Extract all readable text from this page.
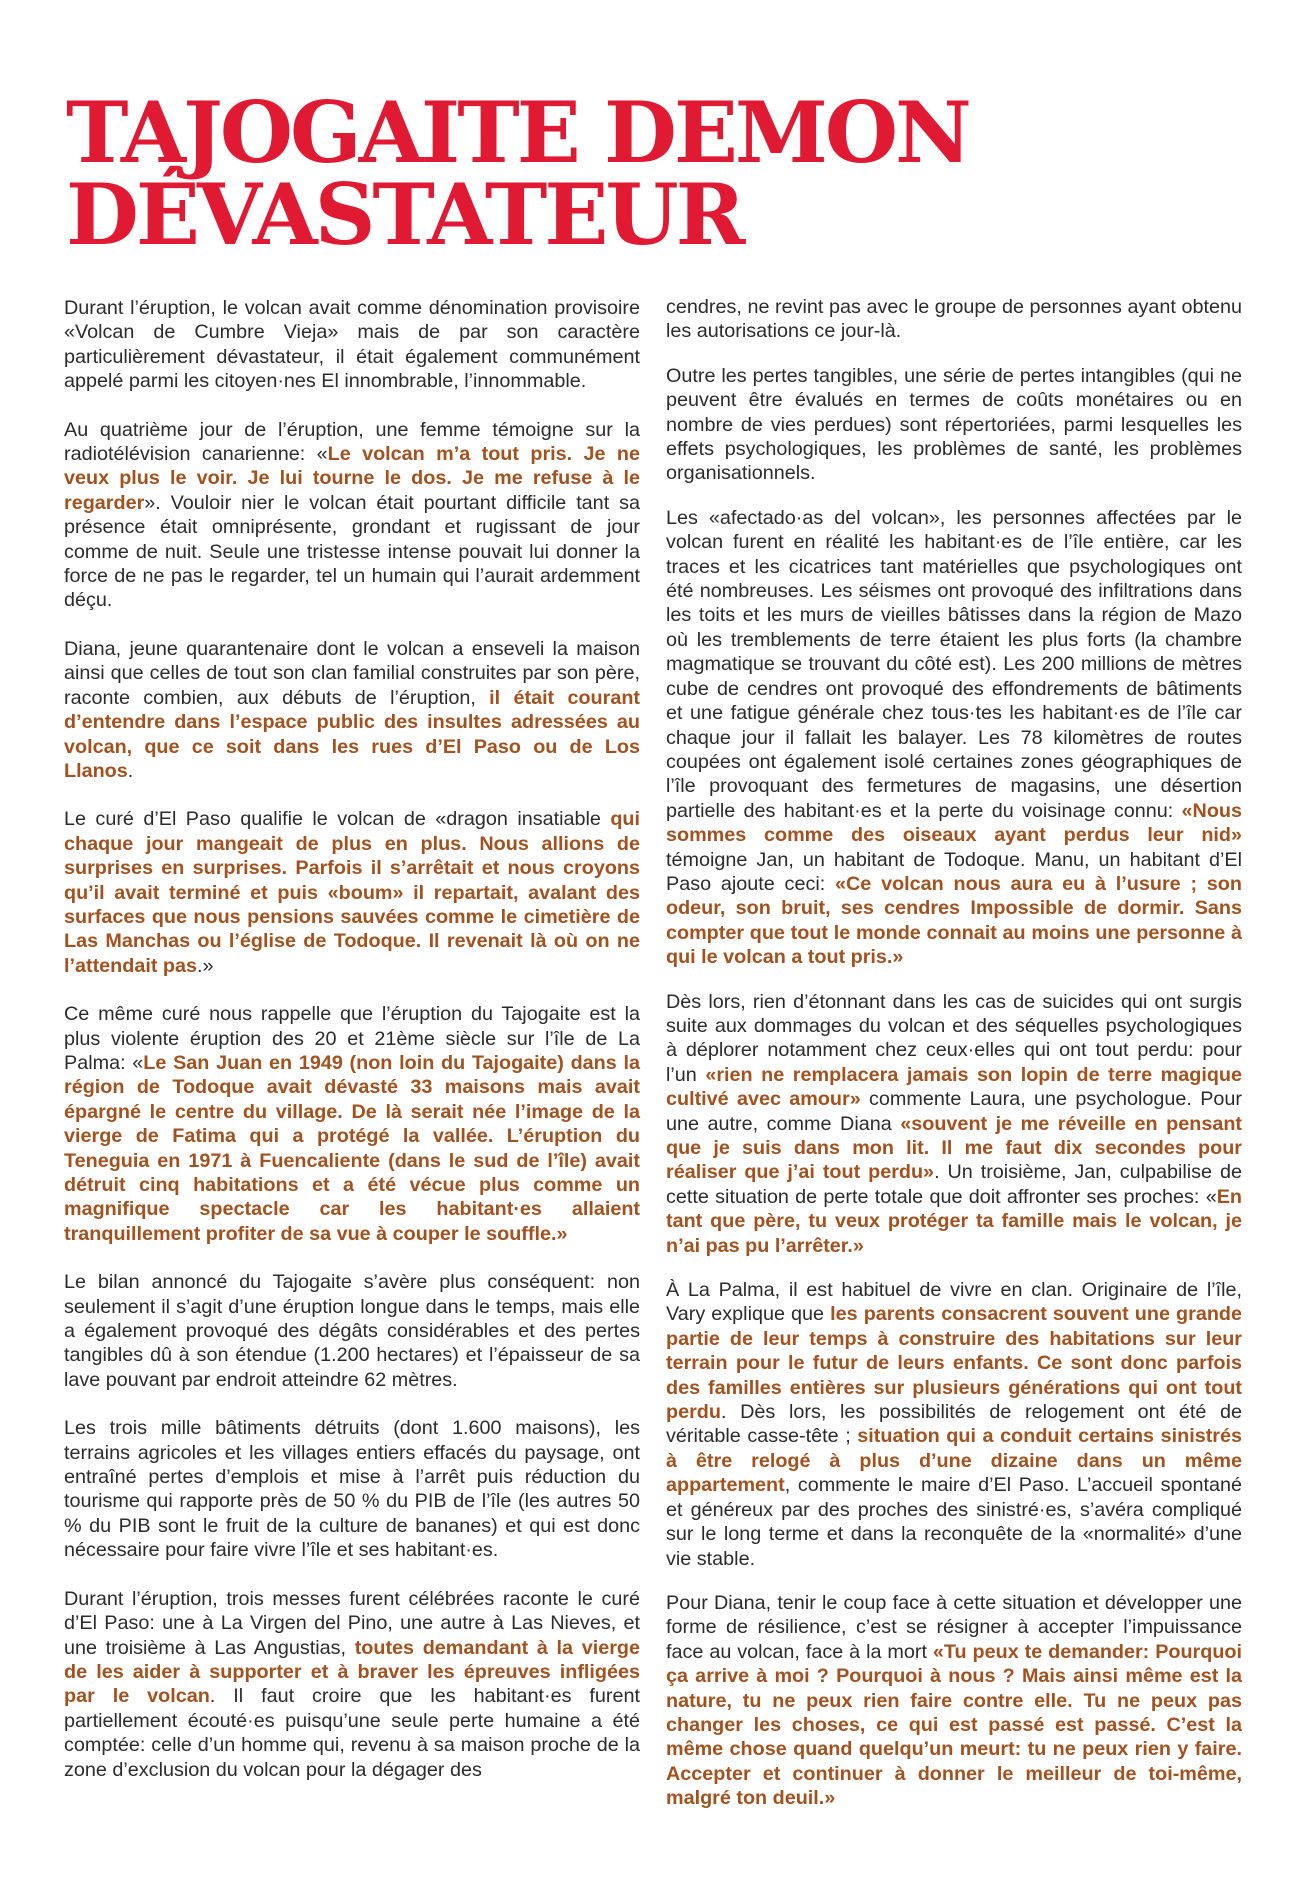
TAJOGAITE DEMON
DÉVASTATEUR

Durant l’éruption, le volcan avait comme dénomination provisoire «Volcan de Cumbre Vieja» mais de par son caractère particulièrement dévastateur, il était également communément appelé parmi les citoyen·nes El innombrable, l’innommable.

Au quatrième jour de l’éruption, une femme témoigne sur la radiotélévision canarienne: «Le volcan m’a tout pris. Je ne veux plus le voir. Je lui tourne le dos. Je me refuse à le regarder». Vouloir nier le volcan était pourtant difficile tant sa présence était omniprésente, grondant et rugissant de jour comme de nuit. Seule une tristesse intense pouvait lui donner la force de ne pas le regarder, tel un humain qui l’aurait ardemment déçu.

Diana, jeune quarantenaire dont le volcan a enseveli la maison ainsi que celles de tout son clan familial construites par son père, raconte combien, aux débuts de l’éruption, il était courant d’entendre dans l’espace public des insultes adressées au volcan, que ce soit dans les rues d’El Paso ou de Los Llanos.

Le curé d’El Paso qualifie le volcan de «dragon insatiable qui chaque jour mangeait de plus en plus. Nous allions de surprises en surprises. Parfois il s’arrêtait et nous croyons qu’il avait terminé et puis «boum» il repartait, avalant des surfaces que nous pensions sauvées comme le cimetière de Las Manchas ou l’église de Todoque. Il revenait là où on ne l’attendait pas.»

Ce même curé nous rappelle que l’éruption du Tajogaite est la plus violente éruption des 20 et 21ème siècle sur l’île de La Palma: «Le San Juan en 1949 (non loin du Tajogaite) dans la région de Todoque avait dévasté 33 maisons mais avait épargné le centre du village. De là serait née l’image de la vierge de Fatima qui a protégé la vallée. L’éruption du Teneguia en 1971 à Fuencaliente (dans le sud de l’île) avait détruit cinq habitations et a été vécue plus comme un magnifique spectacle car les habitant·es allaient tranquillement profiter de sa vue à couper le souffle.»

Le bilan annoncé du Tajogaite s’avère plus conséquent: non seulement il s’agit d’une éruption longue dans le temps, mais elle a également provoqué des dégâts considérables et des pertes tangibles dû à son étendue (1.200 hectares) et l’épaisseur de sa lave pouvant par endroit atteindre 62 mètres.

Les trois mille bâtiments détruits (dont 1.600 maisons), les terrains agricoles et les villages entiers effacés du paysage, ont entraîné pertes d’emplois et mise à l’arrêt puis réduction du tourisme qui rapporte près de 50 % du PIB de l’île (les autres 50 % du PIB sont le fruit de la culture de bananes) et qui est donc nécessaire pour faire vivre l’île et ses habitant·es.

Durant l’éruption, trois messes furent célébrées raconte le curé d’El Paso: une à La Virgen del Pino, une autre à Las Nieves, et une troisième à Las Angustias, toutes demandant à la vierge de les aider à supporter et à braver les épreuves infligées par le volcan. Il faut croire que les habitant·es furent partiellement écouté·es puisqu’une seule perte humaine a été comptée: celle d’un homme qui, revenu à sa maison proche de la zone d’exclusion du volcan pour la dégager des

cendres, ne revint pas avec le groupe de personnes ayant obtenu les autorisations ce jour-là.

Outre les pertes tangibles, une série de pertes intangibles (qui ne peuvent être évalués en termes de coûts monétaires ou en nombre de vies perdues) sont répertoriées, parmi lesquelles les effets psychologiques, les problèmes de santé, les problèmes organisationnels.

Les «afectado·as del volcan», les personnes affectées par le volcan furent en réalité les habitant·es de l’île entière, car les traces et les cicatrices tant matérielles que psychologiques ont été nombreuses. Les séismes ont provoqué des infiltrations dans les toits et les murs de vieilles bâtisses dans la région de Mazo où les tremblements de terre étaient les plus forts (la chambre magmatique se trouvant du côté est). Les 200 millions de mètres cube de cendres ont provoqué des effondrements de bâtiments et une fatigue générale chez tous·tes les habitant·es de l’île car chaque jour il fallait les balayer. Les 78 kilomètres de routes coupées ont également isolé certaines zones géographiques de l’île provoquant des fermetures de magasins, une désertion partielle des habitant·es et la perte du voisinage connu: «Nous sommes comme des oiseaux ayant perdus leur nid» témoigne Jan, un habitant de Todoque. Manu, un habitant d’El Paso ajoute ceci: «Ce volcan nous aura eu à l’usure ; son odeur, son bruit, ses cendres Impossible de dormir. Sans compter que tout le monde connait au moins une personne à qui le volcan a tout pris.»

Dès lors, rien d’étonnant dans les cas de suicides qui ont surgis suite aux dommages du volcan et des séquelles psychologiques à déplorer notamment chez ceux·elles qui ont tout perdu: pour l’un «rien ne remplacera jamais son lopin de terre magique cultivé avec amour» commente Laura, une psychologue. Pour une autre, comme Diana «souvent je me réveille en pensant que je suis dans mon lit. Il me faut dix secondes pour réaliser que j’ai tout perdu». Un troisième, Jan, culpabilise de cette situation de perte totale que doit affronter ses proches: «En tant que père, tu veux protéger ta famille mais le volcan, je n’ai pas pu l’arrêter.»

À La Palma, il est habituel de vivre en clan. Originaire de l’île, Vary explique que les parents consacrent souvent une grande partie de leur temps à construire des habitations sur leur terrain pour le futur de leurs enfants. Ce sont donc parfois des familles entières sur plusieurs générations qui ont tout perdu. Dès lors, les possibilités de relogement ont été de véritable casse-tête ; situation qui a conduit certains sinistrés à être relogé à plus d’une dizaine dans un même appartement, commente le maire d’El Paso. L’accueil spontané et généreux par des proches des sinistré·es, s’avéra compliqué sur le long terme et dans la reconquête de la «normalité» d’une vie stable.

Pour Diana, tenir le coup face à cette situation et développer une forme de résilience, c’est se résigner à accepter l’impuissance face au volcan, face à la mort «Tu peux te demander: Pourquoi ça arrive à moi ? Pourquoi à nous ? Mais ainsi même est la nature, tu ne peux rien faire contre elle. Tu ne peux pas changer les choses, ce qui est passé est passé. C’est la même chose quand quelqu’un meurt: tu ne peux rien y faire. Accepter et continuer à donner le meilleur de toi-même, malgré ton deuil.»
